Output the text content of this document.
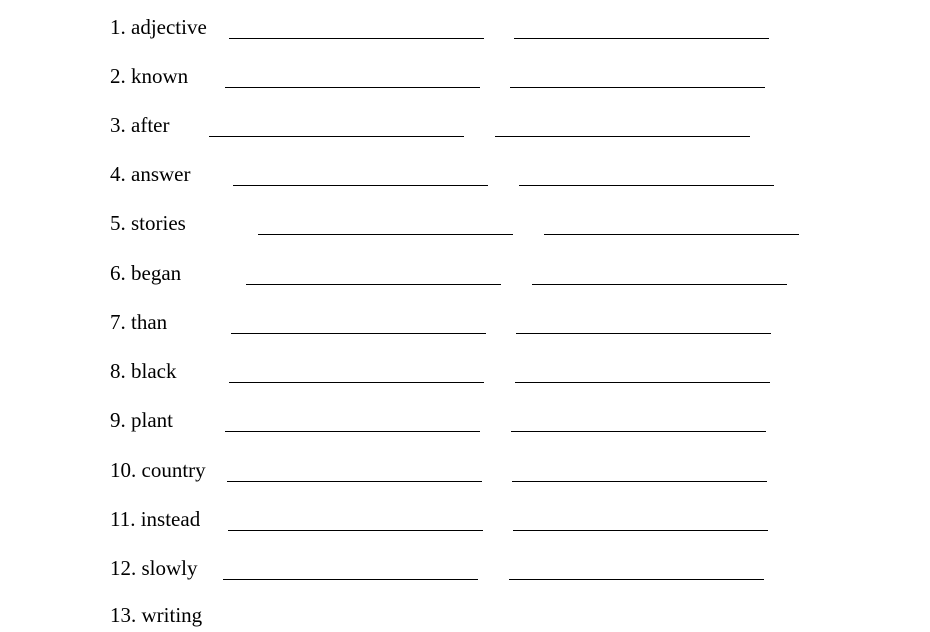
1. adjective
2. known
3. after
4. answer
5. stories
6. began
7. than
8. black
9. plant
10. country
11. instead
12. slowly
13. writing
